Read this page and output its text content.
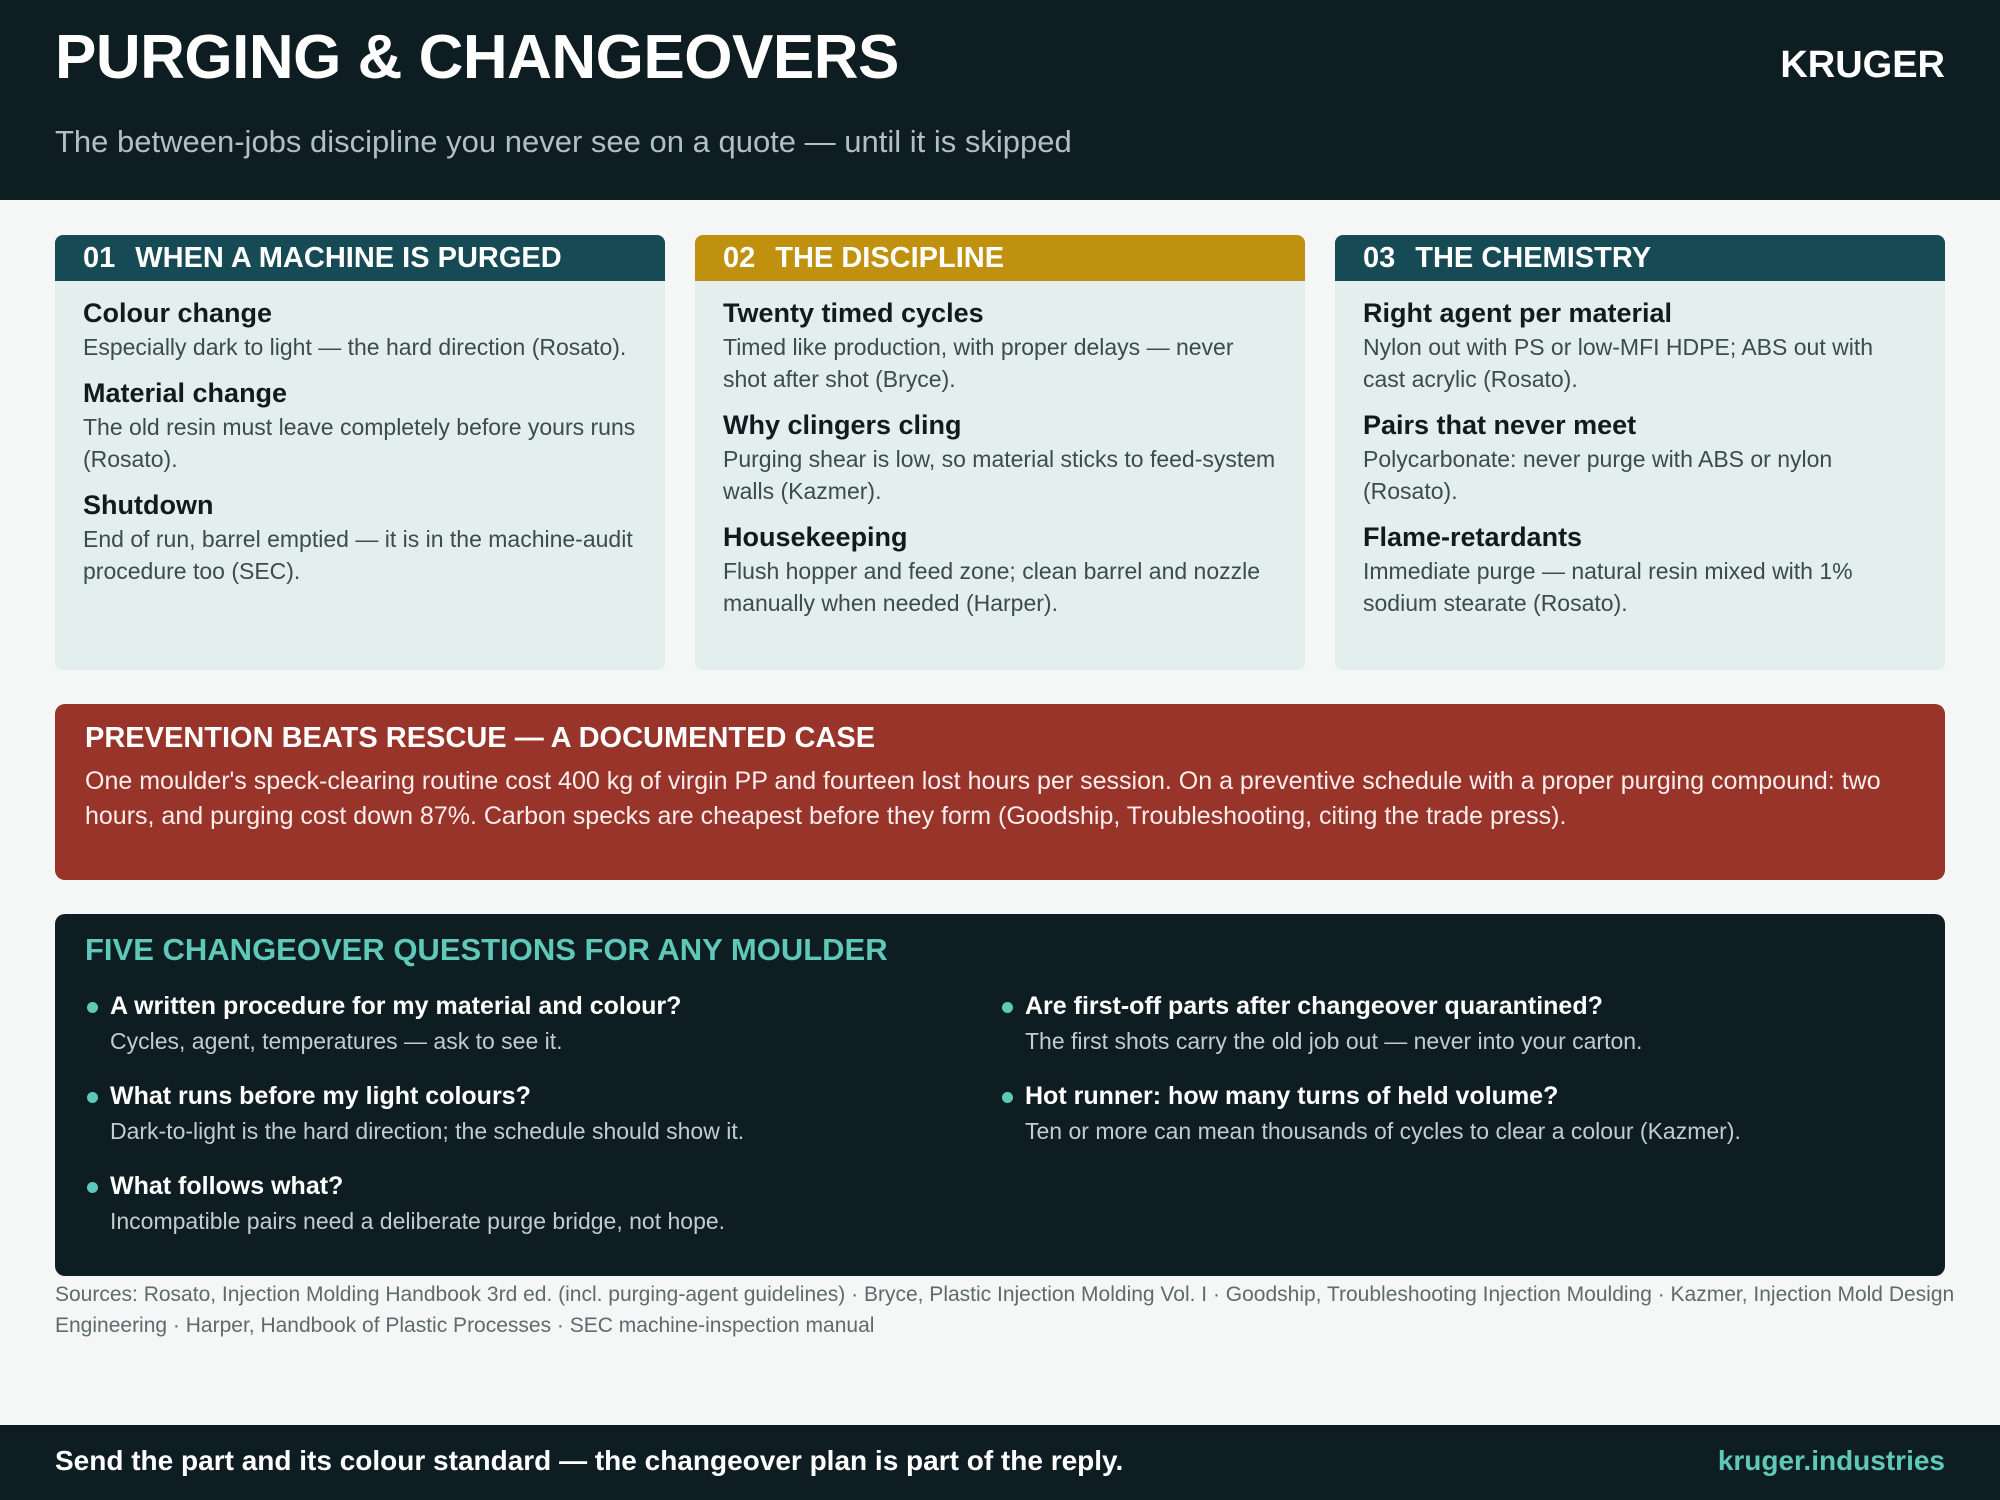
PURGING & CHANGEOVERS	KRUGER
The between-jobs discipline you never see on a quote — until it is skipped
01 WHEN A MACHINE IS PURGED
Colour change
Especially dark to light — the hard direction (Rosato).
Material change
The old resin must leave completely before yours runs (Rosato).
Shutdown
End of run, barrel emptied — it is in the machine-audit procedure too (SEC).
02 THE DISCIPLINE
Twenty timed cycles
Timed like production, with proper delays — never shot after shot (Bryce).
Why clingers cling
Purging shear is low, so material sticks to feed-system walls (Kazmer).
Housekeeping
Flush hopper and feed zone; clean barrel and nozzle manually when needed (Harper).
03 THE CHEMISTRY
Right agent per material
Nylon out with PS or low-MFI HDPE; ABS out with cast acrylic (Rosato).
Pairs that never meet
Polycarbonate: never purge with ABS or nylon (Rosato).
Flame-retardants
Immediate purge — natural resin mixed with 1% sodium stearate (Rosato).
PREVENTION BEATS RESCUE — A DOCUMENTED CASE
One moulder's speck-clearing routine cost 400 kg of virgin PP and fourteen lost hours per session. On a preventive schedule with a proper purging compound: two hours, and purging cost down 87%. Carbon specks are cheapest before they form (Goodship, Troubleshooting, citing the trade press).
FIVE CHANGEOVER QUESTIONS FOR ANY MOULDER
A written procedure for my material and colour?
Cycles, agent, temperatures — ask to see it.
What runs before my light colours?
Dark-to-light is the hard direction; the schedule should show it.
What follows what?
Incompatible pairs need a deliberate purge bridge, not hope.
Are first-off parts after changeover quarantined?
The first shots carry the old job out — never into your carton.
Hot runner: how many turns of held volume?
Ten or more can mean thousands of cycles to clear a colour (Kazmer).
Sources: Rosato, Injection Molding Handbook 3rd ed. (incl. purging-agent guidelines) · Bryce, Plastic Injection Molding Vol. I · Goodship, Troubleshooting Injection Moulding · Kazmer, Injection Mold Design Engineering · Harper, Handbook of Plastic Processes · SEC machine-inspection manual
Send the part and its colour standard — the changeover plan is part of the reply.	kruger.industries
